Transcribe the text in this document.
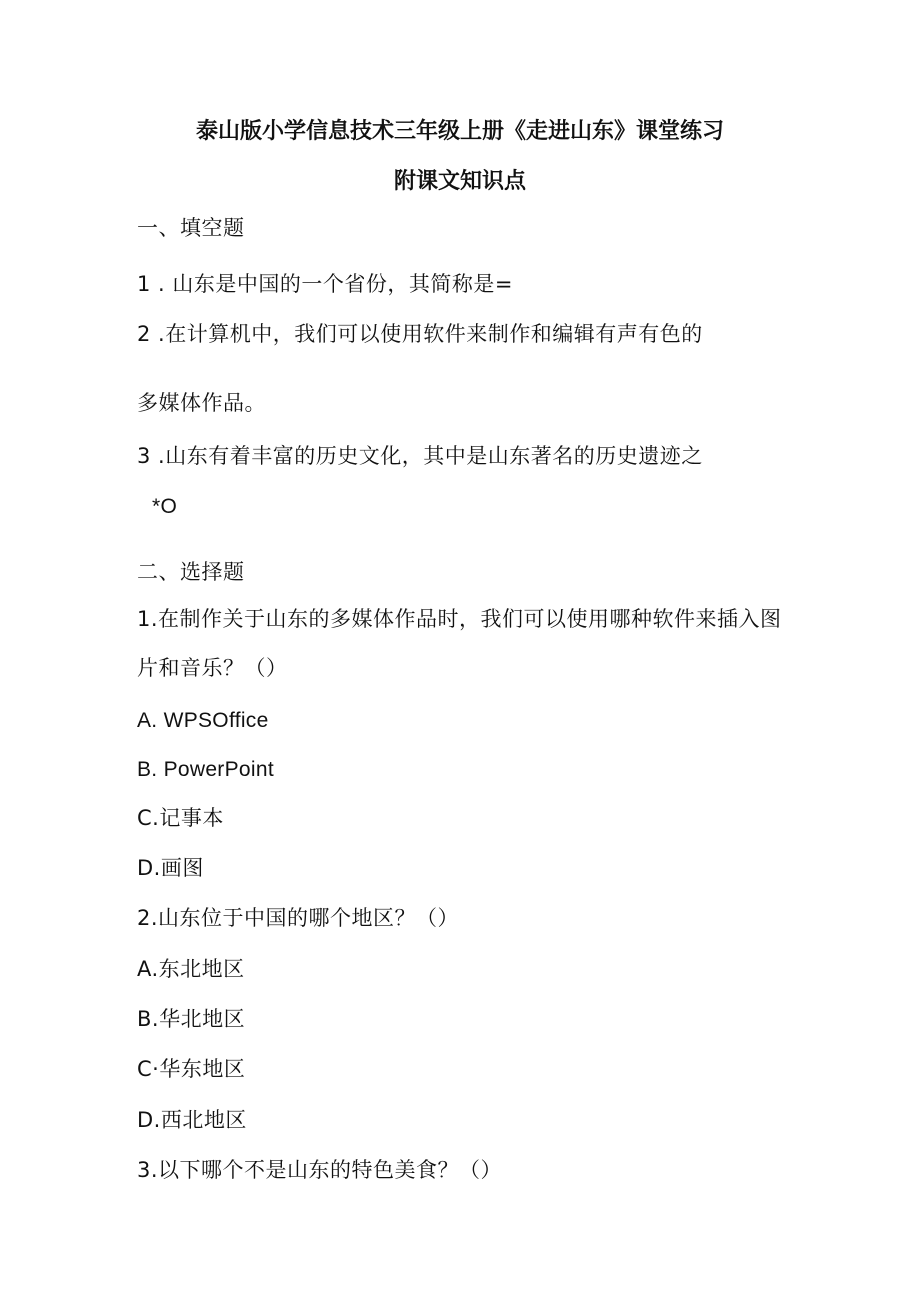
泰山版小学信息技术三年级上册《走进山东》课堂练习
附课文知识点
一、填空题
1 . 山东是中国的一个省份，其简称是=
2 .在计算机中，我们可以使用软件来制作和编辑有声有色的
多媒体作品。
3 .山东有着丰富的历史文化，其中是山东著名的历史遗迹之
*O
二、选择题
1.在制作关于山东的多媒体作品时，我们可以使用哪种软件来插入图
片和音乐？（）
A. WPSOffice
B. PowerPoint
C.记事本
D.画图
2.山东位于中国的哪个地区？（）
A.东北地区
B.华北地区
C·华东地区
D.西北地区
3.以下哪个不是山东的特色美食？（）
